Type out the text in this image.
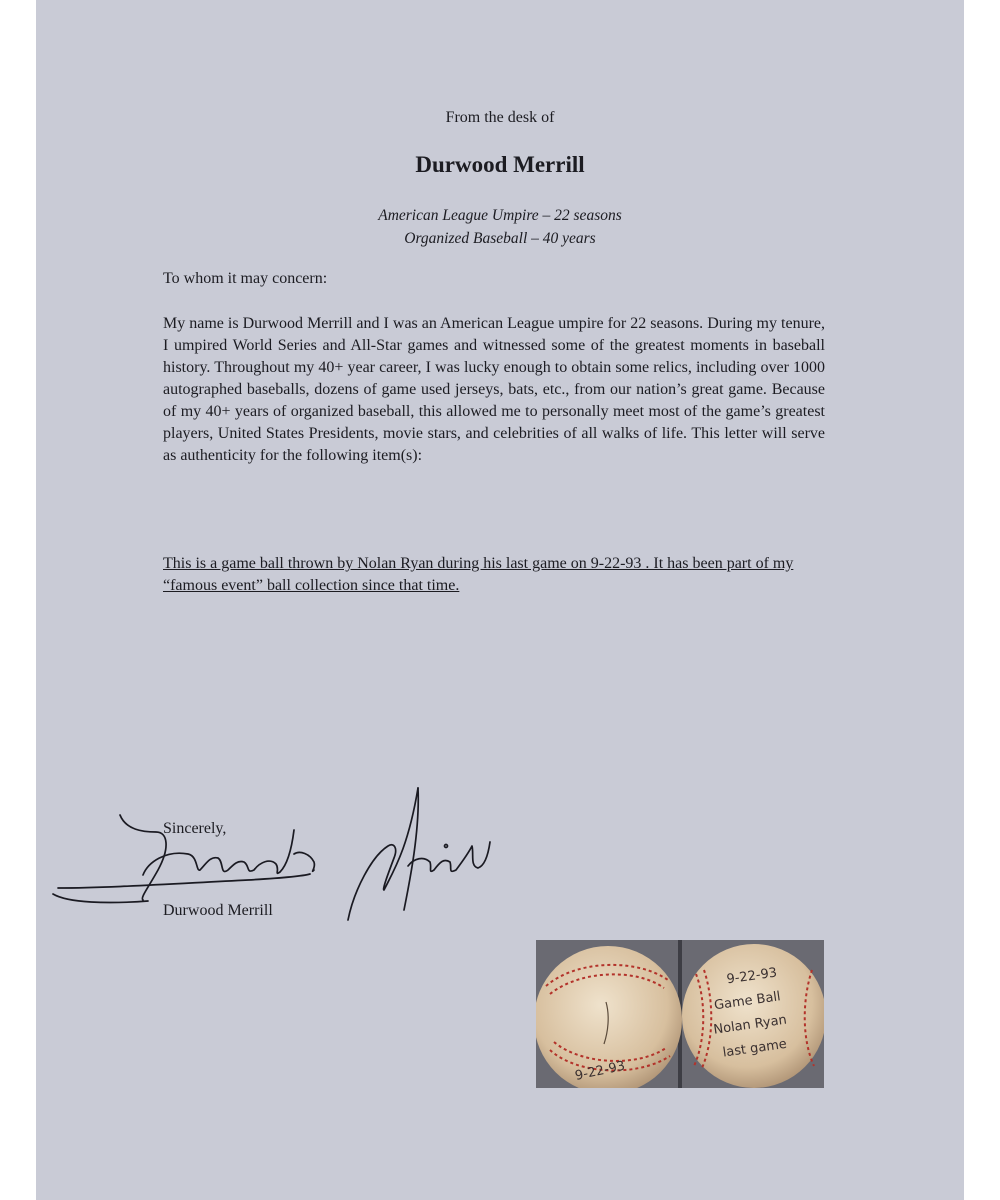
From the desk of
Durwood Merrill
American League Umpire – 22 seasons
Organized Baseball – 40 years
To whom it may concern:
My name is Durwood Merrill and I was an American League umpire for 22 seasons. During my tenure, I umpired World Series and All-Star games and witnessed some of the greatest moments in baseball history. Throughout my 40+ year career, I was lucky enough to obtain some relics, including over 1000 autographed baseballs, dozens of game used jerseys, bats, etc., from our nation’s great game. Because of my 40+ years of organized baseball, this allowed me to personally meet most of the game’s greatest players, United States Presidents, movie stars, and celebrities of all walks of life. This letter will serve as authenticity for the following item(s):
This is a game ball thrown by Nolan Ryan during his last game on 9-22-93 . It has been part of my “famous event” ball collection since that time.
Sincerely,
Durwood Merrill
9-22-93
9-22-93
Game Ball
Nolan Ryan
last game
